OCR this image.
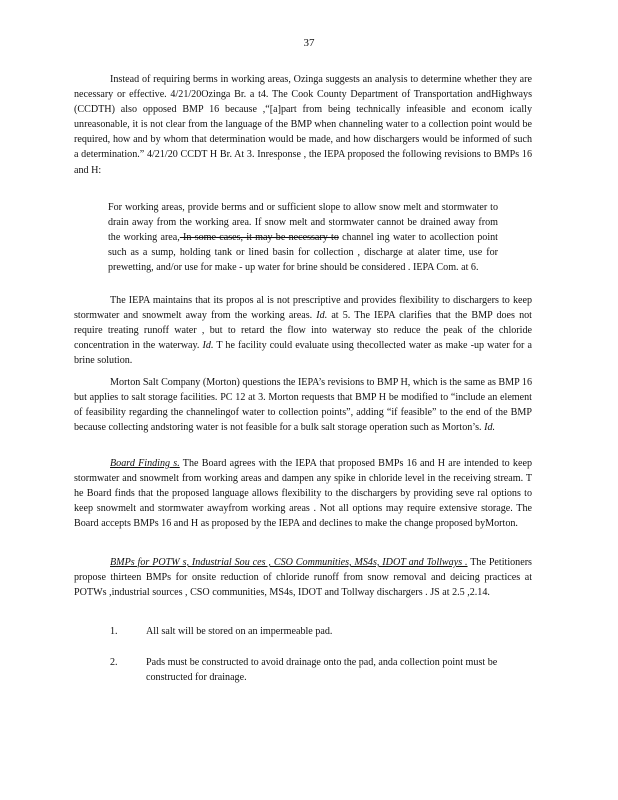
37

Instead of requiring berms in working areas, Ozinga suggests an analysis to determine whether they are necessary or effective. 4/21/20Ozinga Br. a t4. The Cook County Department of Transportation andHighways (CCDTH) also opposed BMP 16 because ,“[a]part from being technically infeasible and econom ically unreasonable, it is not clear from the language of the BMP when channeling water to a collection point would be required, how and by whom that determination would be made, and how dischargers would be informed of such a determination.” 4/21/20 CCDT H Br. At 3. Inresponse , the IEPA proposed the following revisions to BMPs 16 and H:

For working areas, provide berms and or sufficient slope to allow snow melt and stormwater to drain away from the working area. If snow melt and stormwater cannot be drained away from the working area, In some cases, it may be necessary to channel ing water to acollection point such as a sump, holding tank or lined basin for collection , discharge at alater time, use for prewetting, and/or use for make - up water for brine should be considered . IEPA Com. at 6.

The IEPA maintains that its propos al is not prescriptive and provides flexibility to dischargers to keep stormwater and snowmelt away from the working areas. Id. at 5. The IEPA clarifies that the BMP does not require treating runoff water , but to retard the flow into waterway sto reduce the peak of the chloride concentration in the waterway. Id. T he facility could evaluate using thecollected water as make -up water for a brine solution.

Morton Salt Company (Morton) questions the IEPA’s revisions to BMP H, which is the same as BMP 16 but applies to salt storage facilities. PC 12 at 3. Morton requests that BMP H be modified to “include an element of feasibility regarding the channelingof water to collection points”, adding “if feasible” to the end of the BMP because collecting andstoring water is not feasible for a bulk salt storage operation such as Morton’s. Id.

Board Finding s. The Board agrees with the IEPA that proposed BMPs 16 and H are intended to keep stormwater and snowmelt from working areas and dampen any spike in chloride level in the receiving stream. T he Board finds that the proposed language allows flexibility to the dischargers by providing seve ral options to keep snowmelt and stormwater awayfrom working areas . Not all options may require extensive storage. The Board accepts BMPs 16 and H as proposed by the IEPA and declines to make the change proposed byMorton.

BMPs for POTW s, Industrial Sou ces , CSO Communities, MS4s, IDOT and Tollways . The Petitioners propose thirteen BMPs for onsite reduction of chloride runoff from snow removal and deicing practices at POTWs ,industrial sources , CSO communities, MS4s, IDOT and Tollway dischargers . JS at 2.5 ,2.14.

1.	All salt will be stored on an impermeable pad.

2.	Pads must be constructed to avoid drainage onto the pad, anda collection point must be constructed for drainage.
